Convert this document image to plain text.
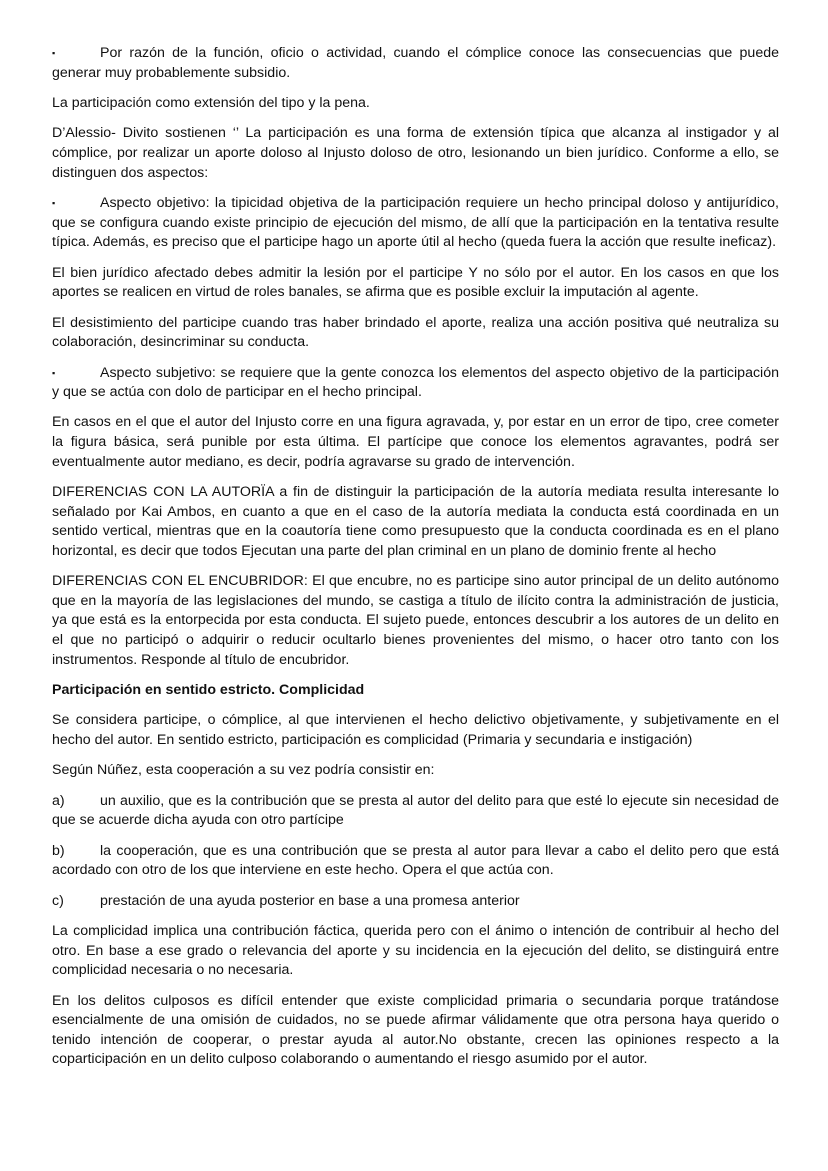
▪	Por razón de la función, oficio o actividad, cuando el cómplice conoce las consecuencias que puede generar muy probablemente subsidio.

La participación como extensión del tipo y la pena.

D’Alessio- Divito sostienen ‘’ La participación es una forma de extensión típica que alcanza al instigador y al cómplice, por realizar un aporte doloso al Injusto doloso de otro, lesionando un bien jurídico. Conforme a ello, se distinguen dos aspectos:

▪	Aspecto objetivo: la tipicidad objetiva de la participación requiere un hecho principal doloso y antijurídico, que se configura cuando existe principio de ejecución del mismo, de allí que la participación en la tentativa resulte típica. Además, es preciso que el participe hago un aporte útil al hecho (queda fuera la acción que resulte ineficaz).

El bien jurídico afectado debes admitir la lesión por el participe Y no sólo por el autor. En los casos en que los aportes se realicen en virtud de roles banales, se afirma que es posible excluir la imputación al agente.

El desistimiento del participe cuando tras haber brindado el aporte, realiza una acción positiva qué neutraliza su colaboración, desincriminar su conducta.

▪	Aspecto subjetivo: se requiere que la gente conozca los elementos del aspecto objetivo de la participación y que se actúa con dolo de participar en el hecho principal.

En casos en el que el autor del Injusto corre en una figura agravada, y, por estar en un error de tipo, cree cometer la figura básica, será punible por esta última. El partícipe que conoce los elementos agravantes, podrá ser eventualmente autor mediano, es decir, podría agravarse su grado de intervención.

DIFERENCIAS CON LA AUTORÏA a fin de distinguir la participación de la autoría mediata resulta interesante lo señalado por Kai Ambos, en cuanto a que en el caso de la autoría mediata la conducta está coordinada en un sentido vertical, mientras que en la coautoría tiene como presupuesto que la conducta coordinada es en el plano horizontal, es decir que todos Ejecutan una parte del plan criminal en un plano de dominio frente al hecho

DIFERENCIAS CON EL ENCUBRIDOR: El que encubre, no es participe sino autor principal de un delito autónomo que en la mayoría de las legislaciones del mundo, se castiga a título de ilícito contra la administración de justicia, ya que está es la entorpecida por esta conducta. El sujeto puede, entonces descubrir a los autores de un delito en el que no participó o adquirir o reducir ocultarlo bienes provenientes del mismo, o hacer otro tanto con los instrumentos. Responde al título de encubridor.

Participación en sentido estricto. Complicidad

Se considera participe, o cómplice, al que intervienen el hecho delictivo objetivamente, y subjetivamente en el hecho del autor. En sentido estricto, participación es complicidad (Primaria y secundaria e instigación)

Según Núñez, esta cooperación a su vez podría consistir en:

a) un auxilio, que es la contribución que se presta al autor del delito para que esté lo ejecute sin necesidad de que se acuerde dicha ayuda con otro partícipe

b) la cooperación, que es una contribución que se presta al autor para llevar a cabo el delito pero que está acordado con otro de los que interviene en este hecho. Opera el que actúa con.

c)	prestación de una ayuda posterior en base a una promesa anterior

La complicidad implica una contribución fáctica, querida pero con el ánimo o intención de contribuir al hecho del otro. En base a ese grado o relevancia del aporte y su incidencia en la ejecución del delito, se distinguirá entre complicidad necesaria o no necesaria.

En los delitos culposos es difícil entender que existe complicidad primaria o secundaria porque tratándose esencialmente de una omisión de cuidados, no se puede afirmar válidamente que otra persona haya querido o tenido intención de cooperar, o prestar ayuda al autor.No obstante, crecen las opiniones respecto a la coparticipación en un delito culposo colaborando o aumentando el riesgo asumido por el autor.
